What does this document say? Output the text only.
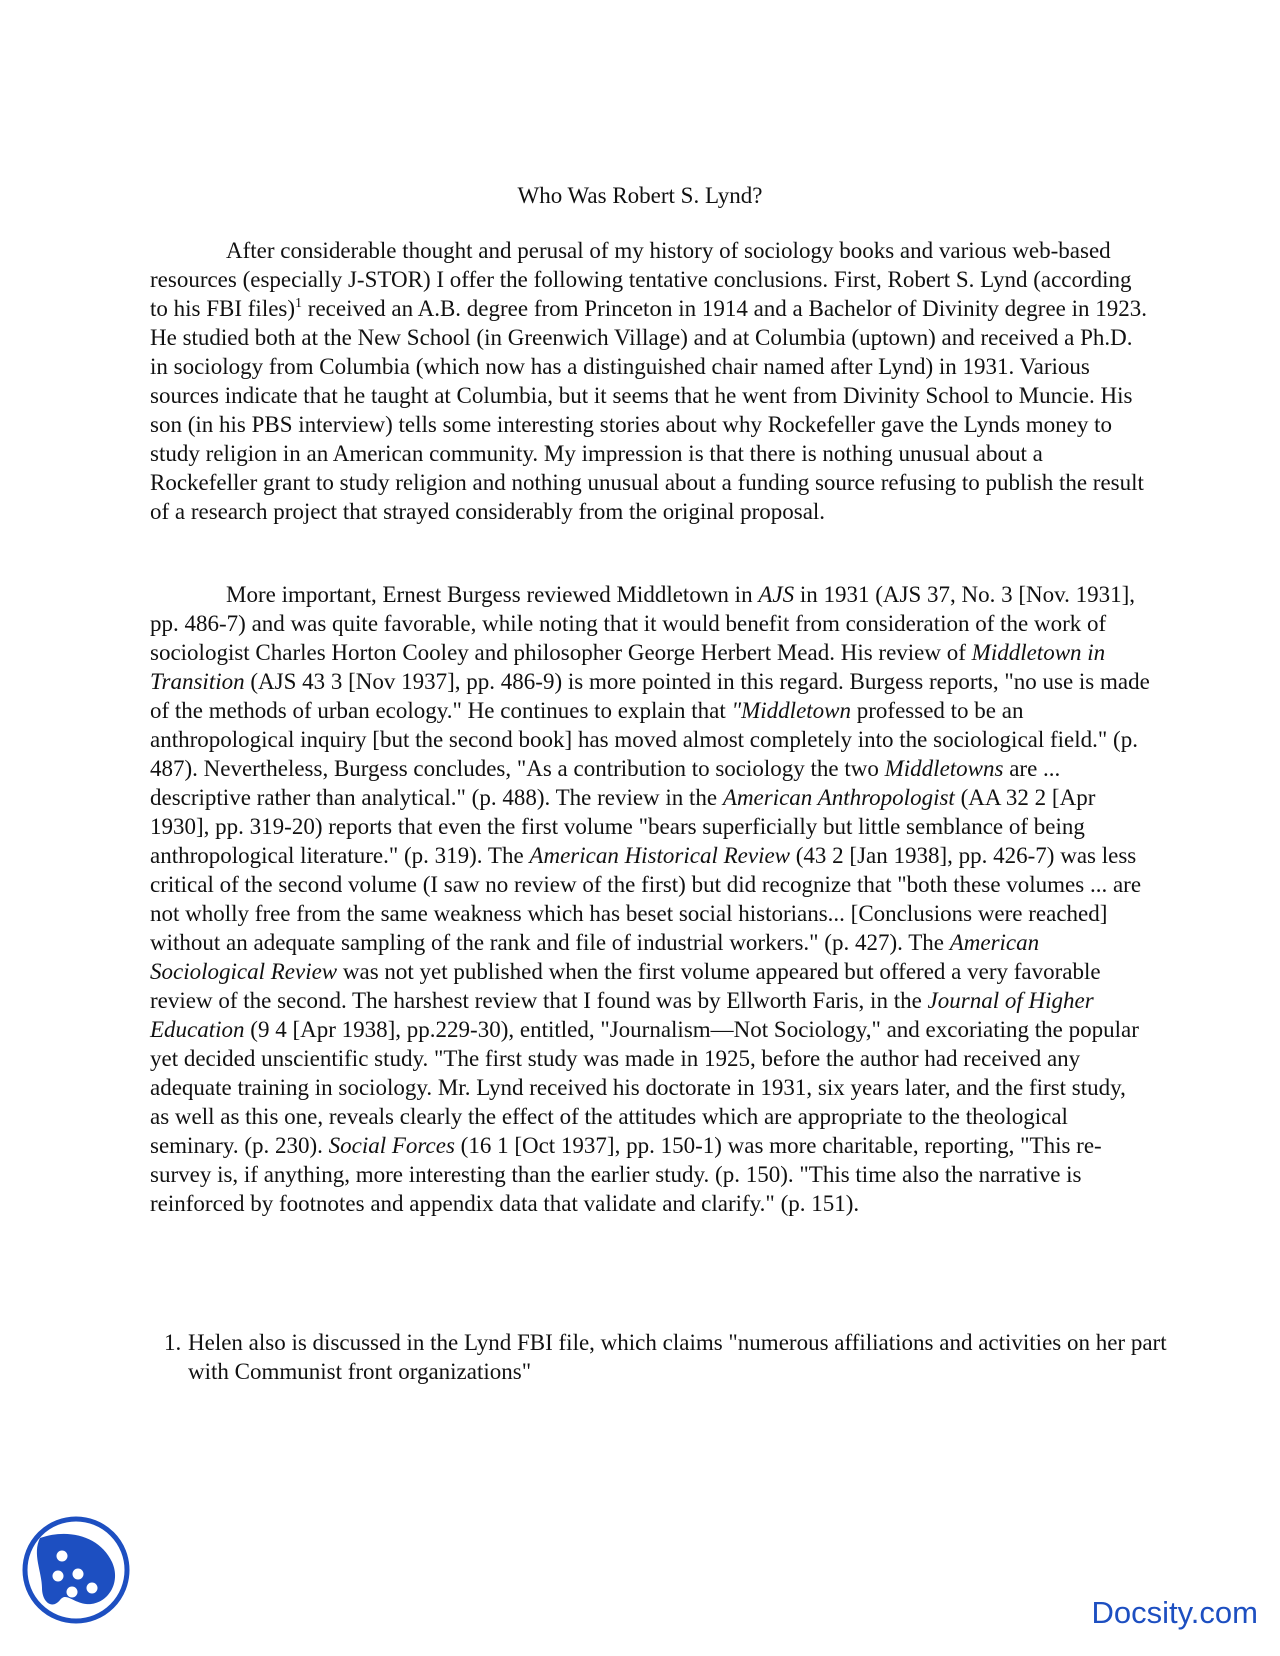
Who Was Robert S. Lynd?

After considerable thought and perusal of my history of sociology books and various web-based resources (especially J-STOR) I offer the following tentative conclusions. First, Robert S. Lynd (according to his FBI files)$^1$ received an A.B. degree from Princeton in 1914 and a Bachelor of Divinity degree in 1923. He studied both at the New School (in Greenwich Village) and at Columbia (uptown) and received a Ph.D. in sociology from Columbia (which now has a distinguished chair named after Lynd) in 1931. Various sources indicate that he taught at Columbia, but it seems that he went from Divinity School to Muncie. His son (in his PBS interview) tells some interesting stories about why Rockefeller gave the Lynds money to study religion in an American community. My impression is that there is nothing unusual about a Rockefeller grant to study religion and nothing unusual about a funding source refusing to publish the result of a research project that strayed considerably from the original proposal.

More important, Ernest Burgess reviewed Middletown in AJS in 1931 (AJS 37, No. 3 [Nov. 1931], pp. 486-7) and was quite favorable, while noting that it would benefit from consideration of the work of sociologist Charles Horton Cooley and philosopher George Herbert Mead. His review of Middletown in Transition (AJS 43 3 [Nov 1937], pp. 486-9) is more pointed in this regard. Burgess reports, "no use is made of the methods of urban ecology." He continues to explain that "Middletown professed to be an anthropological inquiry [but the second book] has moved almost completely into the sociological field." (p. 487). Nevertheless, Burgess concludes, "As a contribution to sociology the two Middletowns are ... descriptive rather than analytical." (p. 488). The review in the American Anthropologist (AA 32 2 [Apr 1930], pp. 319-20) reports that even the first volume "bears superficially but little semblance of being anthropological literature." (p. 319). The American Historical Review (43 2 [Jan 1938], pp. 426-7) was less critical of the second volume (I saw no review of the first) but did recognize that "both these volumes ... are not wholly free from the same weakness which has beset social historians... [Conclusions were reached] without an adequate sampling of the rank and file of industrial workers." (p. 427). The American Sociological Review was not yet published when the first volume appeared but offered a very favorable review of the second. The harshest review that I found was by Ellworth Faris, in the Journal of Higher Education (9 4 [Apr 1938], pp.229-30), entitled, "Journalism—Not Sociology," and excoriating the popular yet decided unscientific study. "The first study was made in 1925, before the author had received any adequate training in sociology. Mr. Lynd received his doctorate in 1931, six years later, and the first study, as well as this one, reveals clearly the effect of the attitudes which are appropriate to the theological seminary. (p. 230). Social Forces (16 1 [Oct 1937], pp. 150-1) was more charitable, reporting, "This re-survey is, if anything, more interesting than the earlier study. (p. 150). "This time also the narrative is reinforced by footnotes and appendix data that validate and clarify." (p. 151).

1. Helen also is discussed in the Lynd FBI file, which claims "numerous affiliations and activities on her part with Communist front organizations"

Docsity.com
